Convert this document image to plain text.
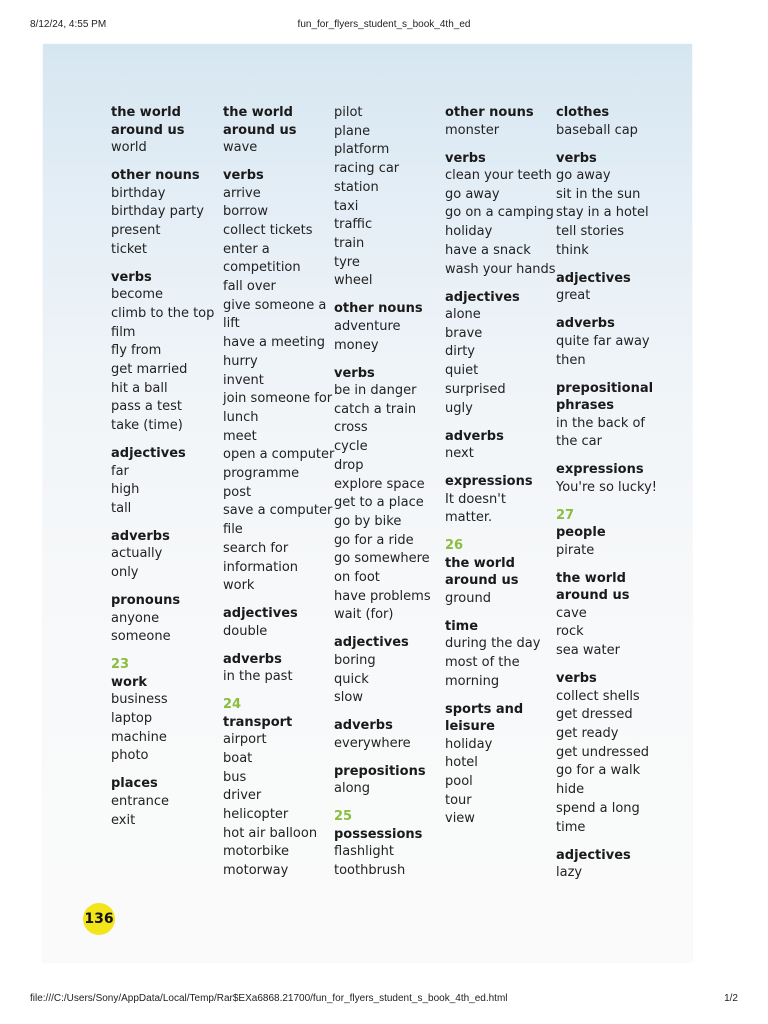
8/12/24, 4:55 PM	fun_for_flyers_student_s_book_4th_ed
the world around us
world
other nouns
birthday
birthday party
present
ticket
verbs
become
climb to the top
film
fly from
get married
hit a ball
pass a test
take (time)
adjectives
far
high
tall
adverbs
actually
only
pronouns
anyone
someone
23
work
business
laptop
machine
photo
places
entrance
exit
the world around us
wave
verbs
arrive
borrow
collect tickets
enter a competition
fall over
give someone a lift
have a meeting
hurry
invent
join someone for lunch
meet
open a computer programme
post
save a computer file
search for information
work
adjectives
double
adverbs
in the past
24
transport
airport
boat
bus
driver
helicopter
hot air balloon
motorbike
motorway
pilot
plane
platform
racing car
station
taxi
traffic
train
tyre
wheel
other nouns
adventure
money
verbs
be in danger
catch a train
cross
cycle
drop
explore space
get to a place
go by bike
go for a ride
go somewhere on foot
have problems
wait (for)
adjectives
boring
quick
slow
adverbs
everywhere
prepositions
along
25
possessions
flashlight
toothbrush
other nouns
monster
verbs
clean your teeth
go away
go on a camping holiday
have a snack
wash your hands
adjectives
alone
brave
dirty
quiet
surprised
ugly
adverbs
next
expressions
It doesn't matter.
26
the world around us
ground
time
during the day
most of the morning
sports and leisure
holiday
hotel
pool
tour
view
clothes
baseball cap
verbs
go away
sit in the sun
stay in a hotel
tell stories
think
adjectives
great
adverbs
quite far away
then
prepositional phrases
in the back of the car
expressions
You're so lucky!
27
people
pirate
the world around us
cave
rock
sea water
verbs
collect shells
get dressed
get ready
get undressed
go for a walk
hide
spend a long time
adjectives
lazy
136
file:///C:/Users/Sony/AppData/Local/Temp/Rar$EXa6868.21700/fun_for_flyers_student_s_book_4th_ed.html	1/2
